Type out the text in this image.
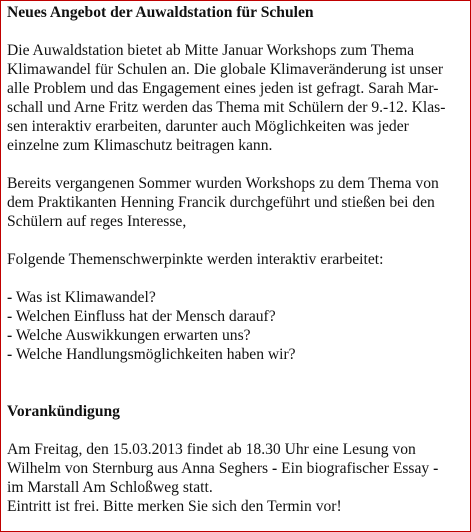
Neues Angebot der Auwaldstation für Schulen

Die Auwaldstation bietet ab Mitte Januar Workshops zum Thema

Klimawandel für Schulen an. Die globale Klimaveränderung ist unser

alle Problem und das Engagement eines jeden ist gefragt. Sarah Mar-

schall und Arne Fritz werden das Thema mit Schülern der 9.-12. Klas-

sen interaktiv erarbeiten, darunter auch Möglichkeiten was jeder

einzelne zum Klimaschutz beitragen kann.

Bereits vergangenen Sommer wurden Workshops zu dem Thema von

dem Praktikanten Henning Francik durchgeführt und stießen bei den

Schülern auf reges Interesse,

Folgende Themenschwerpinkte werden interaktiv erarbeitet:

- Was ist Klimawandel?
- Welchen Einfluss hat der Mensch darauf?
- Welche Auswikkungen erwarten uns?
- Welche Handlungsmöglichkeiten haben wir?

Vorankündigung

Am Freitag, den 15.03.2013 findet ab 18.30 Uhr eine Lesung von

Wilhelm von Sternburg aus Anna Seghers - Ein biografischer Essay -

im Marstall Am Schloßweg statt.

Eintritt ist frei. Bitte merken Sie sich den Termin vor!
